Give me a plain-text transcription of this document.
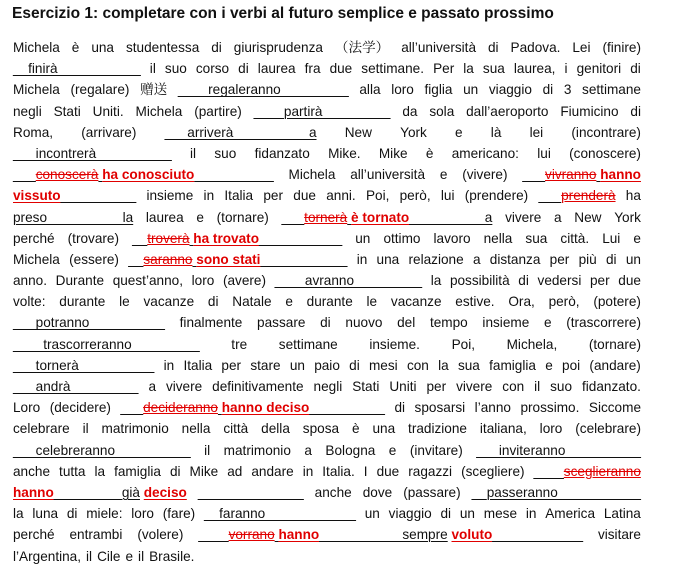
Esercizio 1: completare con i verbi al futuro semplice e passato prossimo
Michela è una studentessa di giurisprudenza （法学） all’università di Padova. Lei (finire)
__finirà___________ il suo corso di laurea fra due settimane. Per la sua laurea, i genitori di
Michela (regalare) 赠送 ____regaleranno_________ alla loro figlia un viaggio di 3 settimane
negli Stati Uniti. Michela (partire) ____partirà_________ da sola dall’aeroporto Fiumicino di
Roma, (arrivare) ___arriverà__________a New York e là lei (incontrare)
___incontrerà__________ il suo fidanzato Mike. Mike è americano: lui (conoscere)
___conoscerà ha conosciuto __________ Michela all’università e (vivere) ___vivranno hanno
vissuto__________ insieme in Italia per due anni. Poi, però, lui (prendere) ___prenderà ha
preso__________la laurea e (tornare) ___tornerà è tornato__________a vivere a New York
perché (trovare) __troverà ha trovato___________ un ottimo lavoro nella sua città. Lui e
Michela (essere) __saranno sono stati ___________ in una relazione a distanza per più di un
anno. Durante quest’anno, loro (avere) ____avranno_________ la possibilità di vedersi per due
volte: durante le vacanze di Natale e durante le vacanze estive. Ora, però, (potere)
___potranno__________ finalmente passare di nuovo del tempo insieme e (trascorrere)
____trascorreranno_________ tre settimane insieme. Poi, Michela, (tornare)
___tornerà__________ in Italia per stare un paio di mesi con la sua famiglia e poi (andare)
___andrà_________ a vivere definitivamente negli Stati Uniti per vivere con il suo fidanzato.
Loro (decidere) ___decideranno hanno deciso__________ di sposarsi l’anno prossimo. Siccome
celebrare il matrimonio nella città della sposa è una tradizione italiana, loro (celebrare)
___celebreranno__________ il matrimonio a Bologna e (invitare) ___inviteranno__________
anche tutta la famiglia di Mike ad andare in Italia. I due ragazzi (scegliere) ____sceglieranno
hanno_________già deciso ______________ anche dove (passare) __passeranno___________
la luna di miele: loro (fare) __faranno____________ un viaggio di un mese in America Latina
perché entrambi (volere) ____vorrano hanno___________sempre voluto____________ visitare
l’Argentina, il Cile e il Brasile.
